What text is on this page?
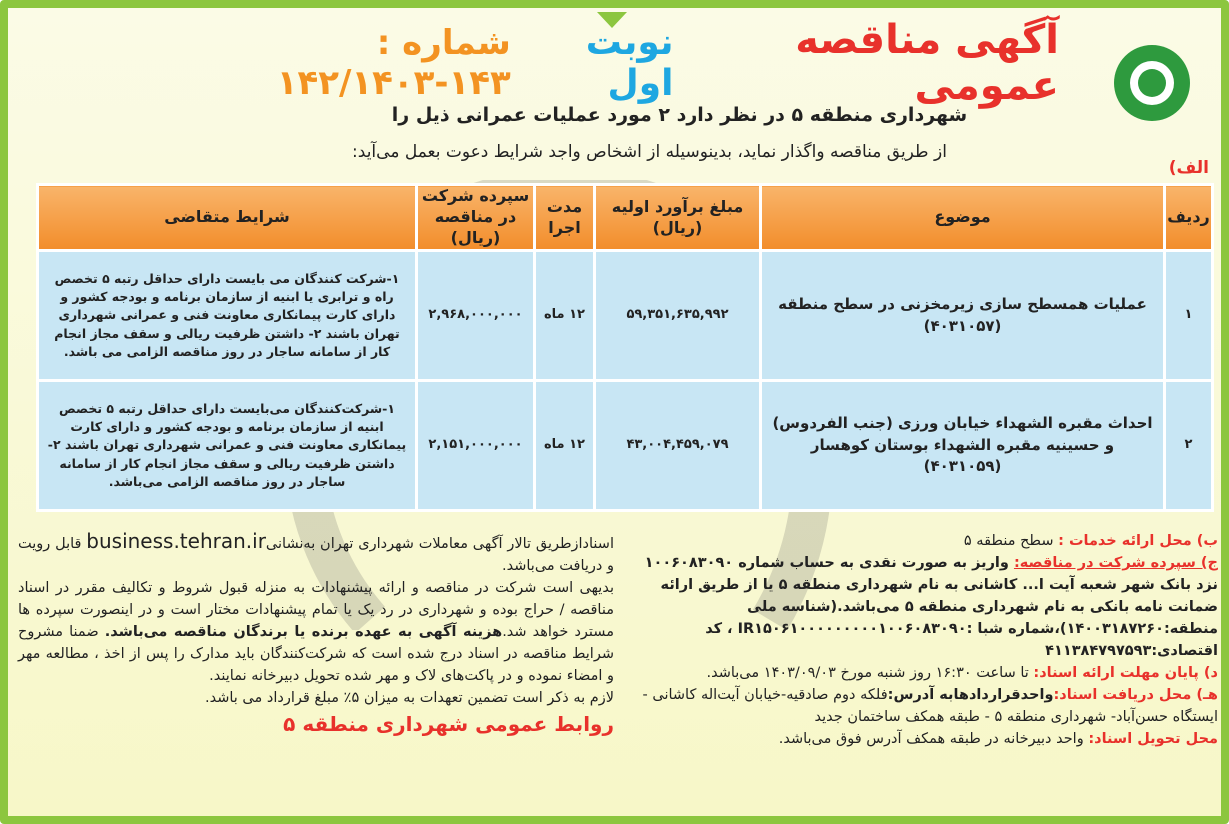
آگهی مناقصه عمومی
نوبت اول
شماره : ۱۴۳-۱۴۲/۱۴۰۳
شهرداری منطقه ۵ در نظر دارد ۲ مورد عملیات عمرانی ذیل را
از طریق مناقصه واگذار نماید، بدینوسیله از اشخاص واجد شرایط دعوت بعمل می‌آید:
الف)
ردیف	موضوع	مبلغ برآورد اولیه (ریال)	مدت اجرا	سپرده شرکت در مناقصه (ریال)	شرایط متقاضی
۱	عملیات همسطح سازی زیرمخزنی در سطح منطقه (۴۰۳۱۰۵۷)	۵۹,۳۵۱,۶۳۵,۹۹۲	۱۲ ماه	۲,۹۶۸,۰۰۰,۰۰۰	۱-شرکت کنندگان می بایست دارای حداقل رتبه ۵ تخصص راه و ترابری یا ابنیه از سازمان برنامه و بودجه کشور و دارای کارت پیمانکاری معاونت فنی و عمرانی شهرداری تهران باشند ۲- داشتن ظرفیت ریالی و سقف مجاز انجام کار از سامانه ساجار در روز مناقصه الزامی می باشد.
۲	احداث مقبره الشهداء خیابان ورزی (جنب الفردوس) و حسینیه مقبره الشهداء بوستان کوهسار (۴۰۳۱۰۵۹)	۴۳,۰۰۴,۴۵۹,۰۷۹	۱۲ ماه	۲,۱۵۱,۰۰۰,۰۰۰	۱-شرکت‌کنندگان می‌بایست دارای حداقل رتبه ۵ تخصص ابنیه از سازمان برنامه و بودجه کشور و دارای کارت پیمانکاری معاونت فنی و عمرانی شهرداری تهران باشند ۲-داشتن ظرفیت ریالی و سقف مجاز انجام کار از سامانه ساجار در روز مناقصه الزامی می‌باشد.
ب) محل ارائه خدمات : سطح منطقه ۵
ج) سپرده شرکت در مناقصه: واریز به صورت نقدی به حساب شماره ۱۰۰۶۰۸۳۰۹۰ نزد بانک شهر شعبه آیت ا... کاشانی به نام شهرداری منطقه ۵ یا از طریق ارائه ضمانت نامه بانکی به نام شهرداری منطقه ۵ می‌باشد.(شناسه ملی منطقه:۱۴۰۰۳۱۸۷۲۶۰)،شماره شبا :IR۱۵۰۶۱۰۰۰۰۰۰۰۰۰۱۰۰۶۰۸۳۰۹۰ ، کد اقتصادی:۴۱۱۳۸۴۷۹۷۵۹۳
د) پایان مهلت ارائه اسناد: تا ساعت ۱۶:۳۰ روز شنبه مورخ ۱۴۰۳/۰۹/۰۳ می‌باشد.
هـ) محل دریافت اسناد:واحدقراردادهابه آدرس:فلکه دوم صادقیه-خیابان آیت‌اله کاشانی - ایستگاه حسن‌آباد- شهرداری منطقه ۵ - طبقه همکف ساختمان جدید
محل تحویل اسناد: واحد دبیرخانه در طبقه همکف آدرس فوق می‌باشد.
اسنادازطریق تالار آگهی معاملات شهرداری تهران به‌نشانیbusiness.tehran.ir قابل رویت و دریافت می‌باشد.
بدیهی است شرکت در مناقصه و ارائه پیشنهادات به منزله قبول شروط و تکالیف مقرر در اسناد مناقصه / حراج بوده و شهرداری در رد یک یا تمام پیشنهادات مختار است و در اینصورت سپرده ها مسترد خواهد شد.هزینه آگهی به عهده برنده یا برندگان مناقصه می‌باشد. ضمنا مشروح شرایط مناقصه در اسناد درج شده است که شرکت‌کنندگان باید مدارک را پس از اخذ ، مطالعه مهر و امضاء نموده و در پاکت‌های لاک و مهر شده تحویل دبیرخانه نمایند.
لازم به ذکر است تضمین تعهدات به میزان ۵٪ مبلغ قرارداد می باشد.
روابط عمومی شهرداری منطقه ۵
